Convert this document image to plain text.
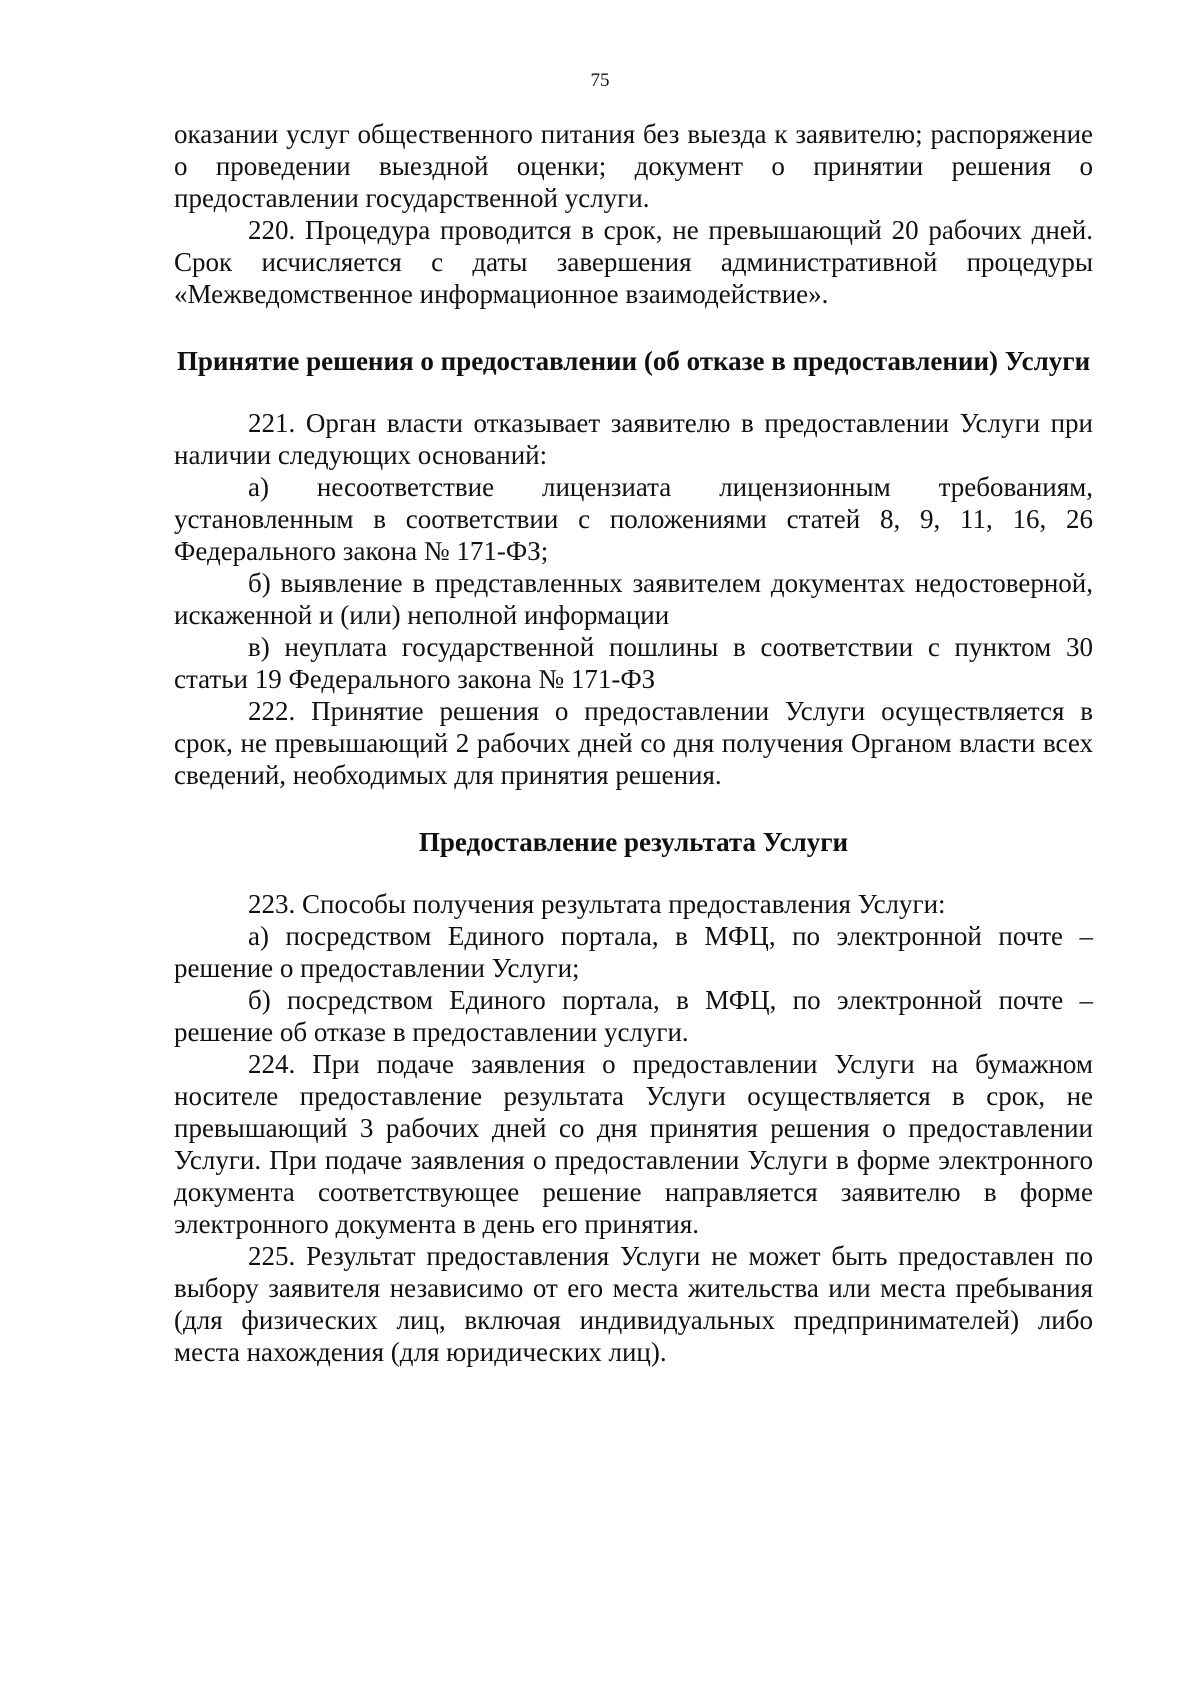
75

оказании услуг общественного питания без выезда к заявителю; распоряжение о проведении выездной оценки; документ о принятии решения о предоставлении государственной услуги.

220. Процедура проводится в срок, не превышающий 20 рабочих дней. Срок исчисляется с даты завершения административной процедуры «Межведомственное информационное взаимодействие».

Принятие решения о предоставлении (об отказе в предоставлении) Услуги

221. Орган власти отказывает заявителю в предоставлении Услуги при наличии следующих оснований:

а) несоответствие лицензиата лицензионным требованиям, установленным в соответствии с положениями статей 8, 9, 11, 16, 26 Федерального закона № 171-ФЗ;

б) выявление в представленных заявителем документах недостоверной, искаженной и (или) неполной информации

в) неуплата государственной пошлины в соответствии с пунктом 30 статьи 19 Федерального закона № 171-ФЗ

222. Принятие решения о предоставлении Услуги осуществляется в срок, не превышающий 2 рабочих дней со дня получения Органом власти всех сведений, необходимых для принятия решения.

Предоставление результата Услуги

223. Способы получения результата предоставления Услуги:

а) посредством Единого портала, в МФЦ, по электронной почте – решение о предоставлении Услуги;

б) посредством Единого портала, в МФЦ, по электронной почте – решение об отказе в предоставлении услуги.

224. При подаче заявления о предоставлении Услуги на бумажном носителе предоставление результата Услуги осуществляется в срок, не превышающий 3 рабочих дней со дня принятия решения о предоставлении Услуги. При подаче заявления о предоставлении Услуги в форме электронного документа соответствующее решение направляется заявителю в форме электронного документа в день его принятия.

225. Результат предоставления Услуги не может быть предоставлен по выбору заявителя независимо от его места жительства или места пребывания (для физических лиц, включая индивидуальных предпринимателей) либо места нахождения (для юридических лиц).
